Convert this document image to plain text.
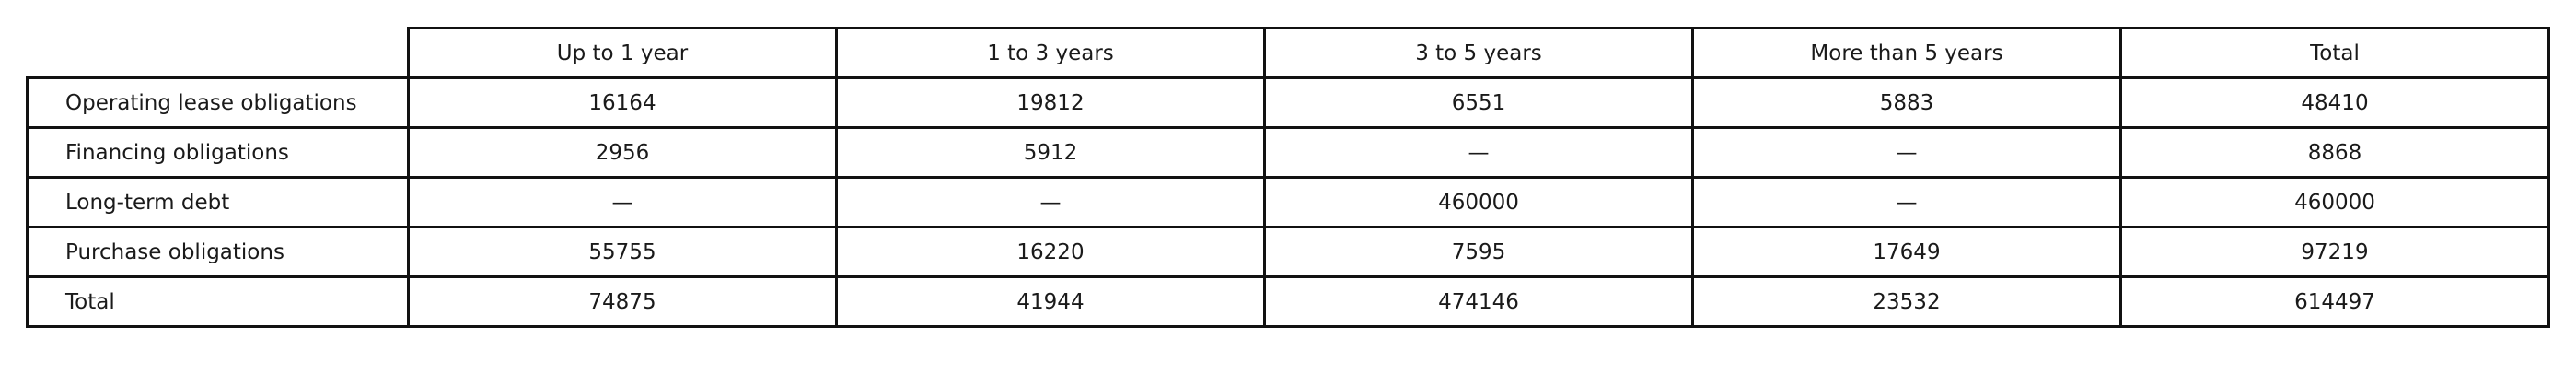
	Up to 1 year	1 to 3 years	3 to 5 years	More than 5 years	Total
Operating lease obligations	16164	19812	6551	5883	48410
Financing obligations	2956	5912	—	—	8868
Long-term debt	—	—	460000	—	460000
Purchase obligations	55755	16220	7595	17649	97219
Total	74875	41944	474146	23532	614497
